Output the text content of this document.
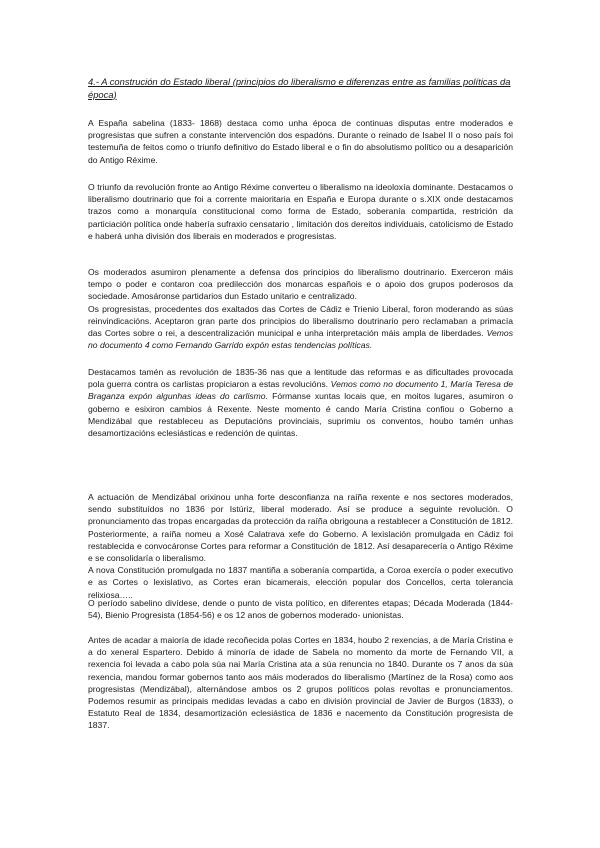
4.- A construción do Estado liberal (principios do liberalismo e diferenzas entre as familias políticas da época)

A España sabelina (1833- 1868) destaca como unha época de continuas disputas entre moderados e progresistas que sufren a constante intervención dos espadóns. Durante o reinado de Isabel II o noso país foi testemuña de feitos como o triunfo definitivo do Estado liberal e o fin do absolutismo político ou a desaparición do Antigo Réxime.

O triunfo da revolución fronte ao Antigo Réxime converteu o liberalismo na ideoloxía dominante. Destacamos o liberalismo doutrinario que foi a corrente maioritaria en España e Europa durante o s.XIX onde destacamos trazos como a monarquía constitucional como forma de Estado, soberanía compartida, restrición da particiación política onde habería sufraxio censatario , limitación dos dereitos individuais, catolicismo de Estado e haberá unha división dos liberais en moderados e progresistas.

Os moderados asumiron plenamente a defensa dos principios do liberalismo doutrinario. Exerceron máis tempo o poder e contaron coa predilección dos monarcas españois e o apoio dos grupos poderosos da sociedade. Amosáronse partidarios dun Estado unitario e centralizado.
Os progresistas, procedentes dos exaltados das Cortes de Cádiz e Trienio Liberal, foron moderando as súas reinvindicacións. Aceptaron gran parte dos principios do liberalismo doutrinario pero reclamaban a primacía das Cortes sobre o rei, a descentralización municipal e unha interpretación máis ampla de liberdades. Vemos no documento 4 como Fernando Garrido expón estas tendencias políticas.
Destacamos tamén as revolución de 1835-36 nas que a lentitude das reformas e as dificultades provocada pola guerra contra os carlistas propiciaron a estas revolucións. Vemos como no documento 1, María Teresa de Braganza expón algunhas ideas do carlismo. Fórmanse xuntas locais que, en moitos lugares, asumiron o goberno e esixiron cambios á Rexente. Neste momento é cando María Cristina confiou o Goberno a Mendizábal que restableceu as Deputacións provinciais, suprimiu os conventos, houbo tamén unhas desamortizacións eclesiásticas e redención de quintas.
A actuación de Mendizábal orixinou unha forte desconfianza na raíña rexente e nos sectores moderados, sendo substituídos no 1836 por Istúriz, liberal moderado. Así se produce a seguinte revolución. O pronunciamento das tropas encargadas da protección da raíña obrigouna a restablecer a Constitución de 1812. Posteriormente, a raíña nomeu a Xosé Calatrava xefe do Goberno. A lexislación promulgada en Cádiz foi restablecida e convocáronse Cortes para reformar a Constitución de 1812. Así desaparecería o Antigo Réxime e se consolidaría o liberalismo.
A nova Constitución promulgada no 1837 mantiña a soberanía compartida, a Coroa exercía o poder executivo e as Cortes o lexislativo, as Cortes eran bicamerais, elección popular dos Concellos, certa tolerancia relixiosa…..

O período sabelino divídese, dende o punto de vista político, en diferentes etapas; Década Moderada (1844-54), Bienio Progresista (1854-56) e os 12 anos de gobernos moderado- unionistas.

Antes de acadar a maioría de idade recoñecida polas Cortes en 1834, houbo 2 rexencias, a de María Cristina e a do xeneral Espartero. Debido á minoría de idade de Sabela no momento da morte de Fernando VII, a rexencia foi levada a cabo pola súa nai María Cristina ata a súa renuncia no 1840. Durante os 7 anos da súa rexencia, mandou formar gobernos tanto aos máis moderados do liberalismo (Martínez de la Rosa) como aos progresistas (Mendizábal), alternándose ambos os 2 grupos políticos polas revoltas e pronunciamentos. Podemos resumir as principais medidas levadas a cabo en división provincial de Javier de Burgos (1833), o Estatuto Real de 1834, desamortización eclesiástica de 1836 e nacemento da Constitución progresista de 1837.
